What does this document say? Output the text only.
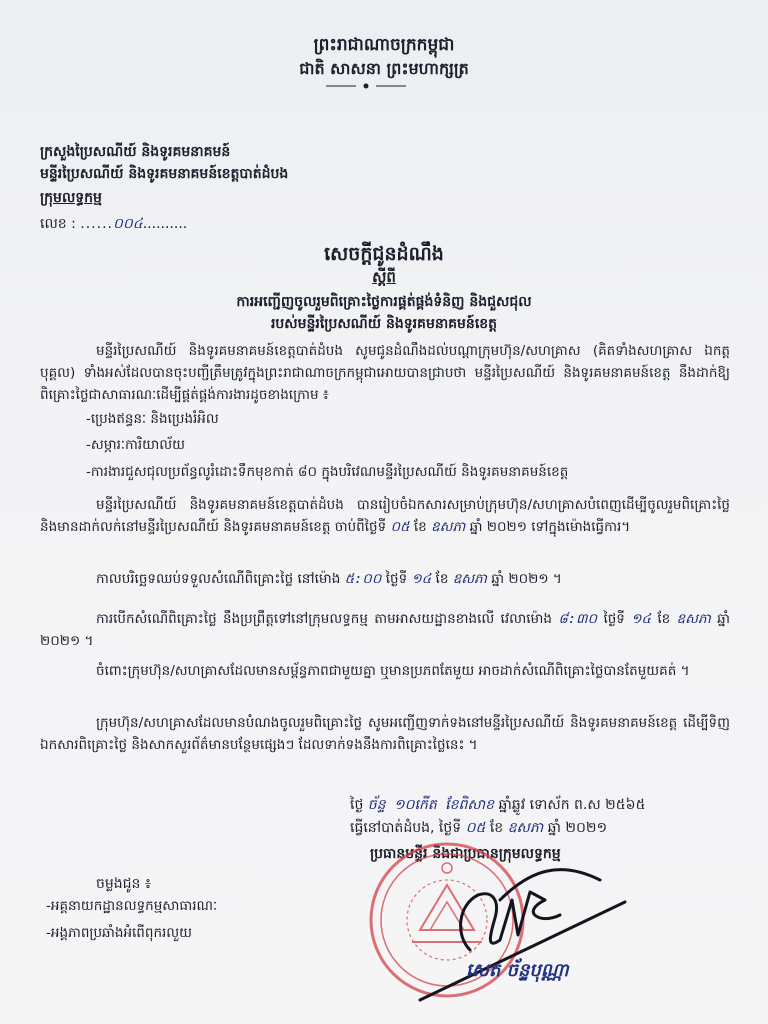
ព្រះរាជាណាចក្រកម្ពុជា
ជាតិ សាសនា ព្រះមហាក្សត្រ
ក្រសួងប្រៃសណីយ៍ និងទូរគមនាគមន៍
មន្ទីរប្រៃសណីយ៍ និងទូរគមនាគមន៍ខេត្តបាត់ដំបង
ក្រុមលទ្ធកម្ម
លេខ : ......០០៤..........
សេចក្តីជូនដំណឹង
ស្តីពី
ការអញ្ជើញចូលរួមពិគ្រោះថ្លៃការផ្គត់ផ្គង់ទំនិញ និងជួសជុល
របស់មន្ទីរប្រៃសណីយ៍ និងទូរគមនាគមន៍ខេត្ត
មន្ទីរប្រៃសណីយ៍ និងទូរគមនាគមន៍ខេត្តបាត់ដំបង សូមជូនដំណឹងដល់បណ្តាក្រុមហ៊ុន/សហគ្រាស (គិតទាំងសហគ្រាស ឯកត្តបុគ្គល) ទាំងអស់ដែលបានចុះបញ្ជីត្រឹមត្រូវក្នុងព្រះរាជាណាចក្រកម្ពុជាអោយបានជ្រាបថា មន្ទីរប្រៃសណីយ៍ និងទូរគមនាគមន៍ខេត្ត នឹងដាក់ឱ្យពិគ្រោះថ្លៃជាសាធារណៈដើម្បីផ្គត់ផ្គង់ការងារដូចខាងក្រោម ៖
-ប្រេងឥន្ធនៈ និងប្រេងរំអិល
-សម្ភារៈការិយាល័យ
-ការងារជួសជុលប្រព័ន្ធលូរំដោះទឹកមុខកាត់ ៨០ ក្នុងបរិវេណមន្ទីរប្រៃសណីយ៍ និងទូរគមនាគមន៍ខេត្ត
មន្ទីរប្រៃសណីយ៍ និងទូរគមនាគមន៍ខេត្តបាត់ដំបង បានរៀបចំឯកសារសម្រាប់ក្រុមហ៊ុន/សហគ្រាសបំពេញដើម្បីចូលរួមពិគ្រោះថ្លៃ និងមានដាក់លក់នៅមន្ទីរប្រៃសណីយ៍ និងទូរគមនាគមន៍ខេត្ត ចាប់ពីថ្ងៃទី ០៥ ខែ ឧសភា ឆ្នាំ ២០២១ ទៅក្នុងម៉ោងធ្វើការ។
កាលបរិច្ឆេទឈប់ទទួលសំណើពិគ្រោះថ្លៃ នៅម៉ោង ៥:០០ ថ្ងៃទី ១៤ ខែ ឧសភា ឆ្នាំ ២០២១ ។
ការបើកសំណើពិគ្រោះថ្លៃ នឹងប្រព្រឹត្តទៅនៅក្រុមលទ្ធកម្ម តាមអាសយដ្ឋានខាងលើ វេលាម៉ោង ៨:៣០ ថ្ងៃទី ១៤ ខែ ឧសភា ឆ្នាំ ២០២១ ។
ចំពោះក្រុមហ៊ុន/សហគ្រាសដែលមានសម្ព័ន្ធភាពជាមួយគ្នា ឬមានប្រភពតែមួយ អាចដាក់សំណើពិគ្រោះថ្លៃបានតែមួយគត់ ។
ក្រុមហ៊ុន/សហគ្រាសដែលមានបំណងចូលរួមពិគ្រោះថ្លៃ សូមអញ្ជើញទាក់ទងនៅមន្ទីរប្រៃសណីយ៍ និងទូរគមនាគមន៍ខេត្ត ដើម្បីទិញឯកសារពិគ្រោះថ្លៃ និងសាកសួរព័ត៌មានបន្ថែមផ្សេងៗ ដែលទាក់ទងនឹងការពិគ្រោះថ្លៃនេះ ។
ថ្ងៃ ច័ន្ទ ១០កើត ខែពិសាខ ឆ្នាំឆ្លូវ ទោស័ក ព.ស ២៥៦៥
ធ្វើនៅបាត់ដំបង, ថ្ងៃទី ០៥ ខែ ឧសភា ឆ្នាំ ២០២១
ប្រធានមន្ទីរ និងជាប្រធានក្រុមលទ្ធកម្ម
ចម្លងជូន ៖
-អគ្គនាយកដ្ឋានលទ្ធកម្មសាធារណៈ
-អង្គភាពប្រឆាំងអំពើពុករលួយ
សេត ច័ន្ទបុណ្ណា
